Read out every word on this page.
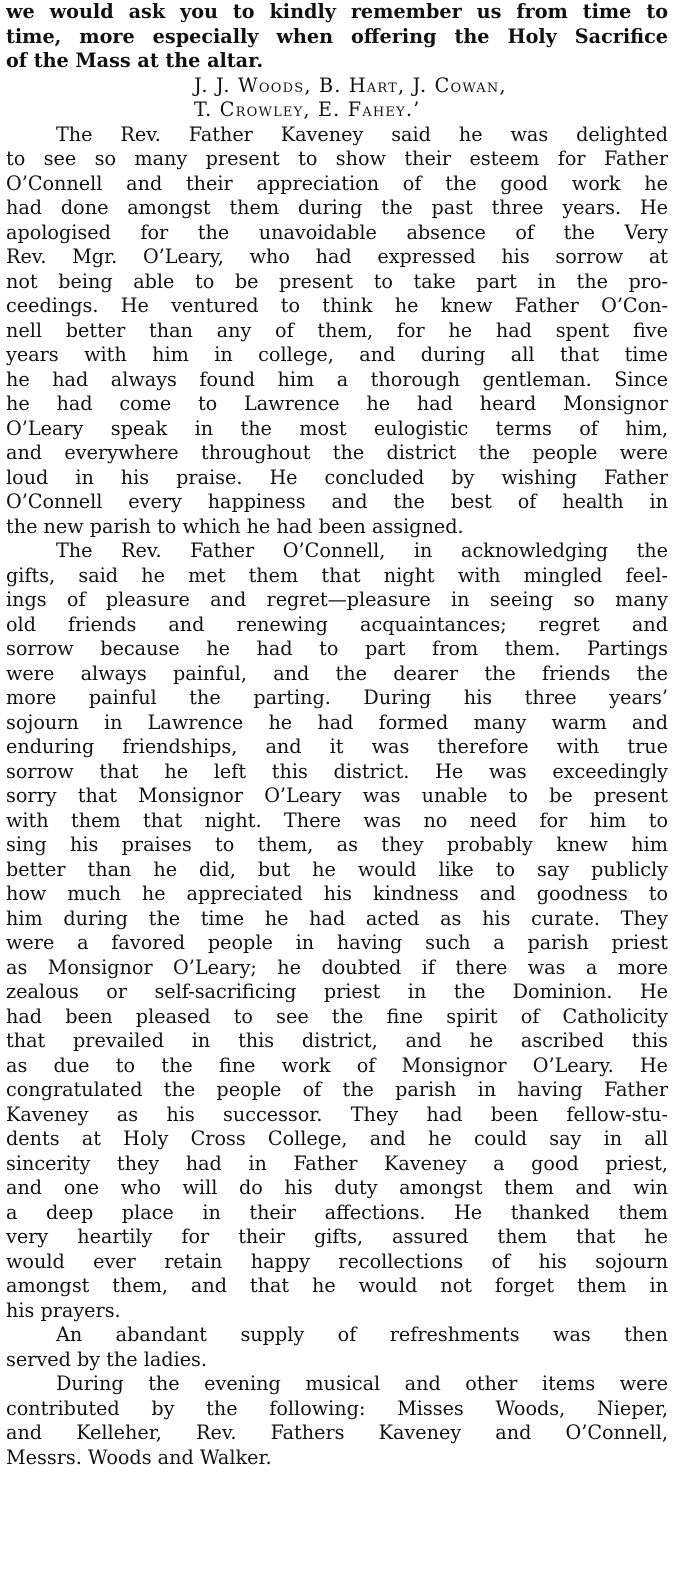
we would ask you to kindly remember us from time to
time, more especially when offering the Holy Sacrifice
of the Mass at the altar.
J. J. Woods, B. Hart, J. Cowan,
T. Crowley, E. Fahey.’
The Rev. Father Kaveney said he was delighted
to see so many present to show their esteem for Father
O’Connell and their appreciation of the good work he
had done amongst them during the past three years. He
apologised for the unavoidable absence of the Very
Rev. Mgr. O’Leary, who had expressed his sorrow at
not being able to be present to take part in the pro-
ceedings. He ventured to think he knew Father O’Con-
nell better than any of them, for he had spent five
years with him in college, and during all that time
he had always found him a thorough gentleman. Since
he had come to Lawrence he had heard Monsignor
O’Leary speak in the most eulogistic terms of him,
and everywhere throughout the district the people were
loud in his praise. He concluded by wishing Father
O’Connell every happiness and the best of health in
the new parish to which he had been assigned.
The Rev. Father O’Connell, in acknowledging the
gifts, said he met them that night with mingled feel-
ings of pleasure and regret—pleasure in seeing so many
old friends and renewing acquaintances; regret and
sorrow because he had to part from them. Partings
were always painful, and the dearer the friends the
more painful the parting. During his three years’
sojourn in Lawrence he had formed many warm and
enduring friendships, and it was therefore with true
sorrow that he left this district. He was exceedingly
sorry that Monsignor O’Leary was unable to be present
with them that night. There was no need for him to
sing his praises to them, as they probably knew him
better than he did, but he would like to say publicly
how much he appreciated his kindness and goodness to
him during the time he had acted as his curate. They
were a favored people in having such a parish priest
as Monsignor O’Leary; he doubted if there was a more
zealous or self-sacrificing priest in the Dominion. He
had been pleased to see the fine spirit of Catholicity
that prevailed in this district, and he ascribed this
as due to the fine work of Monsignor O’Leary. He
congratulated the people of the parish in having Father
Kaveney as his successor. They had been fellow-stu-
dents at Holy Cross College, and he could say in all
sincerity they had in Father Kaveney a good priest,
and one who will do his duty amongst them and win
a deep place in their affections. He thanked them
very heartily for their gifts, assured them that he
would ever retain happy recollections of his sojourn
amongst them, and that he would not forget them in
his prayers.
An abandant supply of refreshments was then
served by the ladies.
During the evening musical and other items were
contributed by the following: Misses Woods, Nieper,
and Kelleher, Rev. Fathers Kaveney and O’Connell,
Messrs. Woods and Walker.
